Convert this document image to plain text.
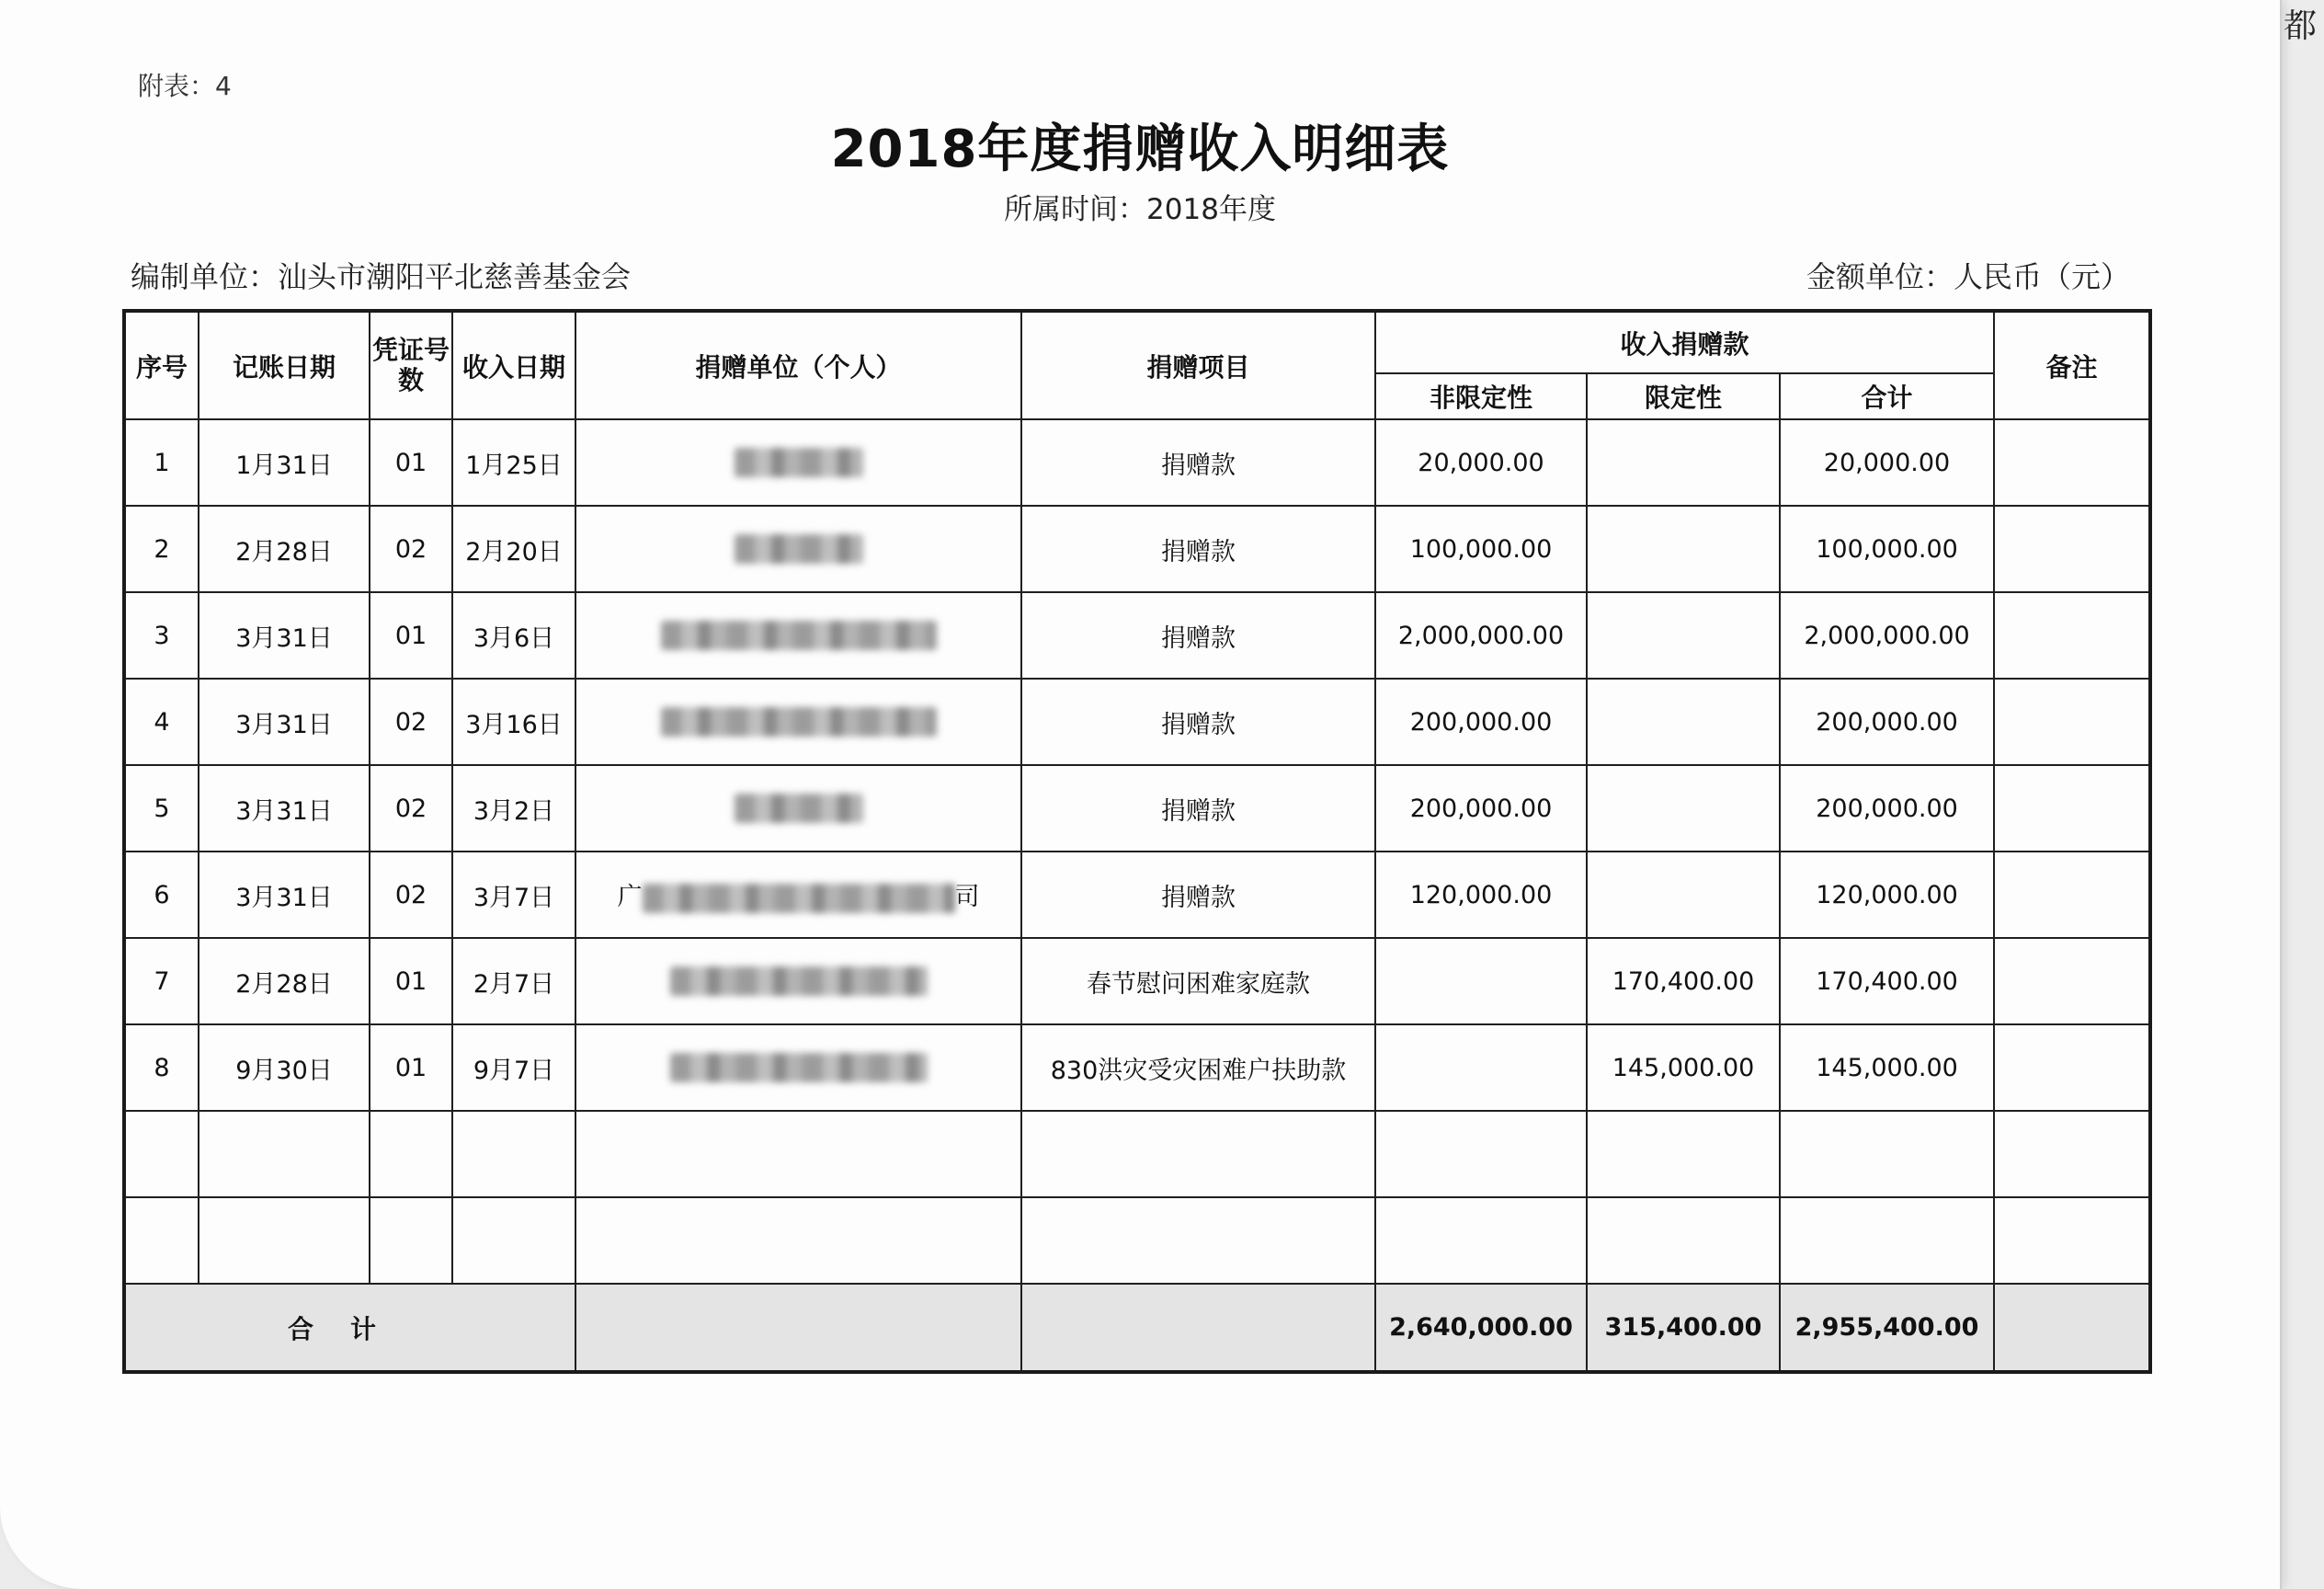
附表：4
2018年度捐赠收入明细表
所属时间：2018年度
编制单位：汕头市潮阳平北慈善基金会	金额单位：人民币（元）
序号	记账日期	凭证号数	收入日期	捐赠单位（个人）	捐赠项目	收入捐赠款			备注
						非限定性	限定性	合计	
1	1月31日	01	1月25日		捐赠款	20,000.00		20,000.00	
2	2月28日	02	2月20日		捐赠款	100,000.00		100,000.00	
3	3月31日	01	3月6日		捐赠款	2,000,000.00		2,000,000.00	
4	3月31日	02	3月16日		捐赠款	200,000.00		200,000.00	
5	3月31日	02	3月2日		捐赠款	200,000.00		200,000.00	
6	3月31日	02	3月7日	广 司	捐赠款	120,000.00		120,000.00	
7	2月28日	01	2月7日		春节慰问困难家庭款		170,400.00	170,400.00	
8	9月30日	01	9月7日		830洪灾受灾困难户扶助款		145,000.00	145,000.00	

合计						2,640,000.00	315,400.00	2,955,400.00	
都
